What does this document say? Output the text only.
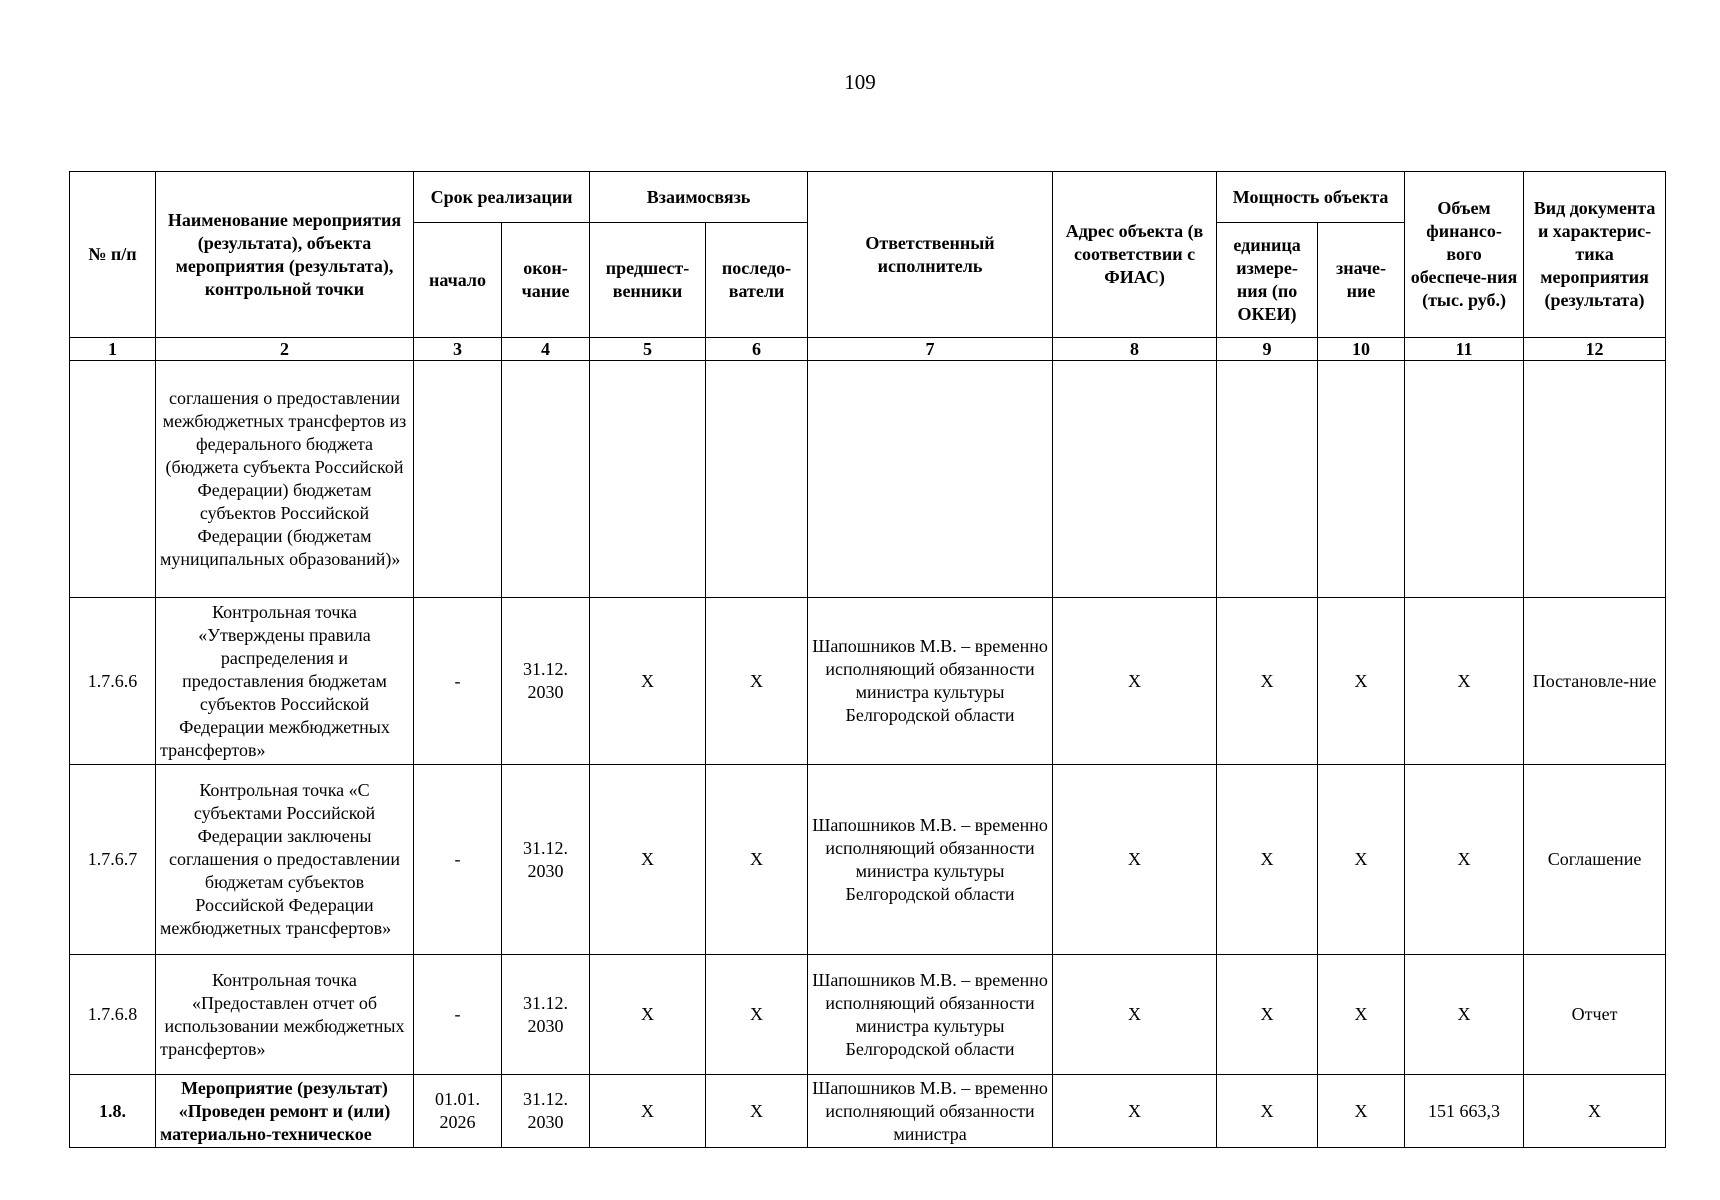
109
№ п/п	Наименование мероприятия (результата), объекта мероприятия (результата), контрольной точки	Срок реализации		Взаимосвязь		Ответственный исполнитель	Адрес объекта (в соответствии с ФИАС)	Мощность объекта		Объем финансо-вого обеспече-ния (тыс. руб.)	Вид документа и характерис-тика мероприятия (результата)
		начало	окон-чание	предшест-венники	последо-ватели			единица измере-ния (по ОКЕИ)	значе-ние		
1	2	3	4	5	6	7	8	9	10	11	12
	соглашения о предоставлении межбюджетных трансфертов из федерального бюджета (бюджета субъекта Российской Федерации) бюджетам субъектов Российской Федерации (бюджетам муниципальных образований)»										
1.7.6.6	Контрольная точка «Утверждены правила распределения и предоставления бюджетам субъектов Российской Федерации межбюджетных трансфертов»	-	31.12. 2030	X	X	Шапошников М.В. – временно исполняющий обязанности министра культуры Белгородской области	X	X	X	X	Постановле-ние
1.7.6.7	Контрольная точка «С субъектами Российской Федерации заключены соглашения о предоставлении бюджетам субъектов Российской Федерации межбюджетных трансфертов»	-	31.12. 2030	X	X	Шапошников М.В. – временно исполняющий обязанности министра культуры Белгородской области	X	X	X	X	Соглашение
1.7.6.8	Контрольная точка «Предоставлен отчет об использовании межбюджетных трансфертов»	-	31.12. 2030	X	X	Шапошников М.В. – временно исполняющий обязанности министра культуры Белгородской области	X	X	X	X	Отчет
1.8.	Мероприятие (результат) «Проведен ремонт и (или) материально-техническое	01.01. 2026	31.12. 2030	X	X	Шапошников М.В. – временно исполняющий обязанности министра	X	X	X	151 663,3	X
